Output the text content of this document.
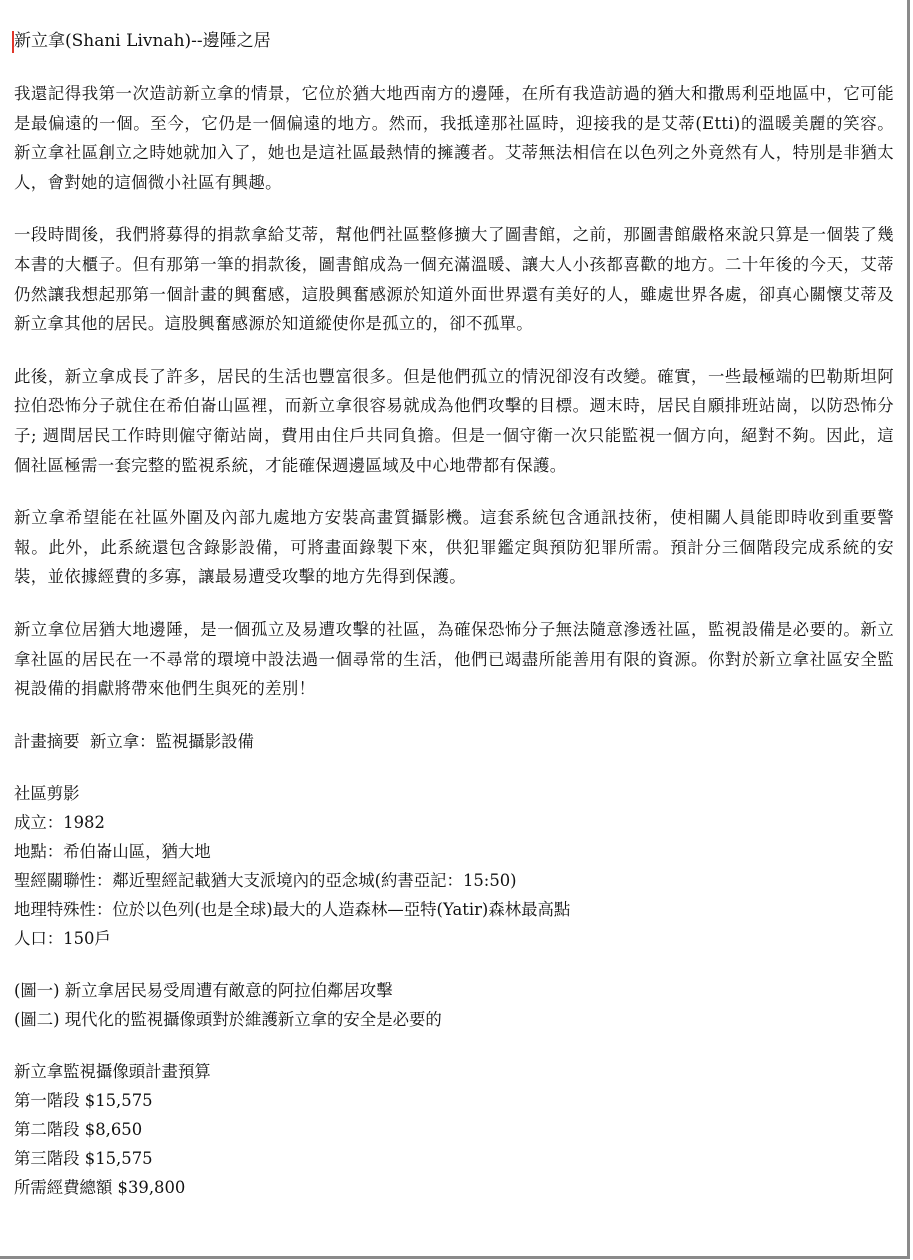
新立拿(Shani Livnah)--邊陲之居

我還記得我第一次造訪新立拿的情景，它位於猶大地西南方的邊陲，在所有我造訪過的猶大和撒馬利亞地區中，它可能是最偏遠的一個。至今，它仍是一個偏遠的地方。然而，我抵達那社區時，迎接我的是艾蒂(Etti)的溫暖美麗的笑容。新立拿社區創立之時她就加入了，她也是這社區最熱情的擁護者。艾蒂無法相信在以色列之外竟然有人，特別是非猶太人，會對她的這個微小社區有興趣。

一段時間後，我們將募得的捐款拿給艾蒂，幫他們社區整修擴大了圖書館，之前，那圖書館嚴格來說只算是一個裝了幾本書的大櫃子。但有那第一筆的捐款後，圖書館成為一個充滿溫暖、讓大人小孩都喜歡的地方。二十年後的今天，艾蒂仍然讓我想起那第一個計畫的興奮感，這股興奮感源於知道外面世界還有美好的人，雖處世界各處，卻真心關懷艾蒂及新立拿其他的居民。這股興奮感源於知道縱使你是孤立的，卻不孤單。

此後，新立拿成長了許多，居民的生活也豐富很多。但是他們孤立的情況卻沒有改變。確實，一些最極端的巴勒斯坦阿拉伯恐怖分子就住在希伯崙山區裡，而新立拿很容易就成為他們攻擊的目標。週末時，居民自願排班站崗，以防恐怖分子; 週間居民工作時則僱守衛站崗，費用由住戶共同負擔。但是一個守衛一次只能監視一個方向，絕對不夠。因此，這個社區極需一套完整的監視系統，才能確保週邊區域及中心地帶都有保護。

新立拿希望能在社區外圍及內部九處地方安裝高畫質攝影機。這套系統包含通訊技術，使相關人員能即時收到重要警報。此外，此系統還包含錄影設備，可將畫面錄製下來，供犯罪鑑定與預防犯罪所需。預計分三個階段完成系統的安裝，並依據經費的多寡，讓最易遭受攻擊的地方先得到保護。

新立拿位居猶大地邊陲，是一個孤立及易遭攻擊的社區，為確保恐怖分子無法隨意滲透社區，監視設備是必要的。新立拿社區的居民在一不尋常的環境中設法過一個尋常的生活，他們已竭盡所能善用有限的資源。你對於新立拿社區安全監視設備的捐獻將帶來他們生與死的差別！

計畫摘要  新立拿：監視攝影設備

社區剪影

成立：1982

地點：希伯崙山區，猶大地

聖經關聯性：鄰近聖經記載猶大支派境內的亞念城(約書亞記：15:50)

地理特殊性：位於以色列(也是全球)最大的人造森林—亞特(Yatir)森林最高點

人口：150戶

(圖一) 新立拿居民易受周遭有敵意的阿拉伯鄰居攻擊

(圖二) 現代化的監視攝像頭對於維護新立拿的安全是必要的

新立拿監視攝像頭計畫預算

第一階段 $15,575

第二階段 $8,650

第三階段 $15,575

所需經費總額 $39,800
